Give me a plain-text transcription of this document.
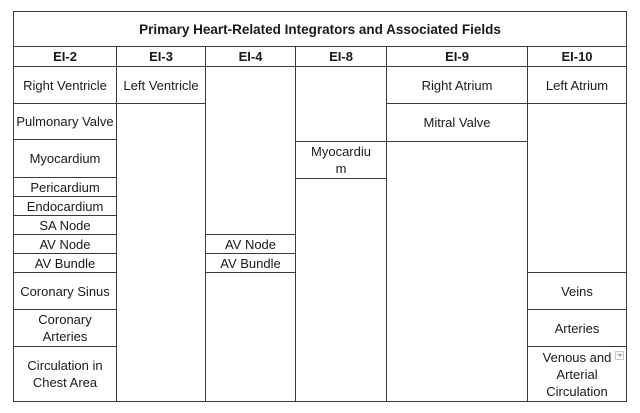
Primary Heart-Related Integrators and Associated Fields
EI-2
Right Ventricle
Pulmonary Valve
Myocardium
Pericardium
Endocardium
SA Node
AV Node
AV Bundle
Coronary Sinus
Coronary Arteries
Circulation in Chest Area
EI-3
Left Ventricle
EI-4
AV Node
AV Bundle
EI-8
Myocardium
EI-9
Right Atrium
Mitral Valve
EI-10
Left Atrium
Veins
Arteries
Venous and Arterial Circulation
